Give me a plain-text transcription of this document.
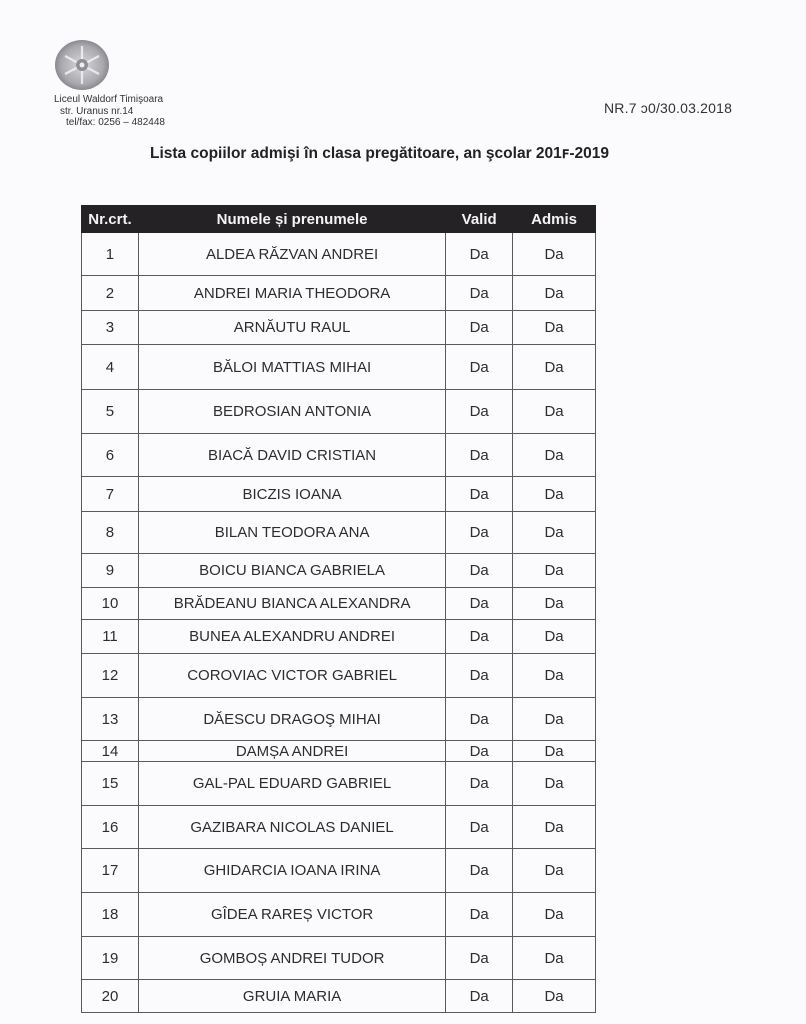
Liceul Waldorf Timişoara
str. Uranus nr.14
tel/fax: 0256 – 482448
NR.7 ͻ0/30.03.2018
Lista copiilor admişi în clasa pregătitoare, an şcolar 201ꜰ-2019
Nr.crt.	Numele și prenumele	Valid	Admis
1	ALDEA RĂZVAN ANDREI	Da	Da
2	ANDREI MARIA THEODORA	Da	Da
3	ARNĂUTU RAUL	Da	Da
4	BĂLOI MATTIAS MIHAI	Da	Da
5	BEDROSIAN ANTONIA	Da	Da
6	BIACĂ DAVID CRISTIAN	Da	Da
7	BICZIS IOANA	Da	Da
8	BILAN TEODORA ANA	Da	Da
9	BOICU BIANCA GABRIELA	Da	Da
10	BRĂDEANU BIANCA ALEXANDRA	Da	Da
11	BUNEA ALEXANDRU ANDREI	Da	Da
12	COROVIAC VICTOR GABRIEL	Da	Da
13	DĂESCU DRAGOŞ MIHAI	Da	Da
14	DAMȘA ANDREI	Da	Da
15	GAL-PAL EDUARD GABRIEL	Da	Da
16	GAZIBARA NICOLAS DANIEL	Da	Da
17	GHIDARCIA IOANA IRINA	Da	Da
18	GÎDEA RAREȘ VICTOR	Da	Da
19	GOMBOȘ ANDREI TUDOR	Da	Da
20	GRUIA MARIA	Da	Da
